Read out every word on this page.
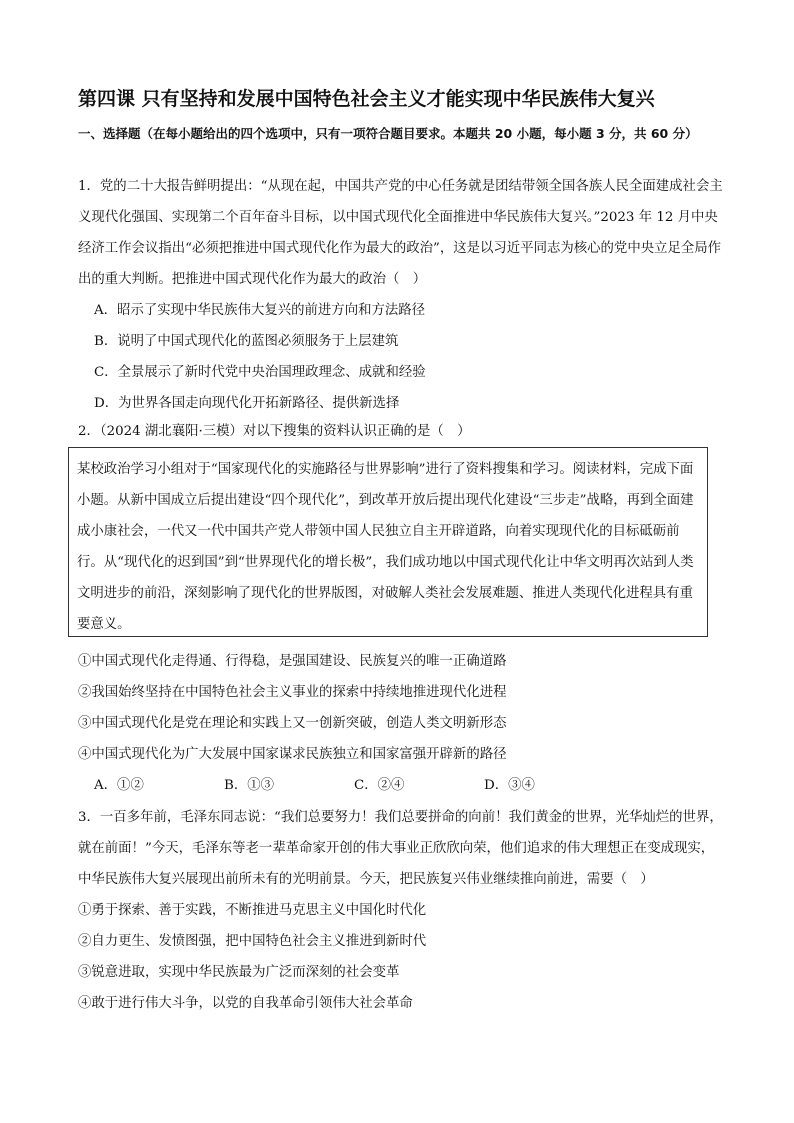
第四课 只有坚持和发展中国特色社会主义才能实现中华民族伟大复兴
一、选择题（在每小题给出的四个选项中，只有一项符合题目要求。本题共 20 小题，每小题 3 分，共 60 分）

1．党的二十大报告鲜明提出：“从现在起，中国共产党的中心任务就是团结带领全国各族人民全面建成社会主义现代化强国、实现第二个百年奋斗目标，以中国式现代化全面推进中华民族伟大复兴。”2023 年 12 月中央经济工作会议指出“必须把推进中国式现代化作为最大的政治”，这是以习近平同志为核心的党中央立足全局作出的重大判断。把推进中国式现代化作为最大的政治（　）

A．昭示了实现中华民族伟大复兴的前进方向和方法路径

B．说明了中国式现代化的蓝图必须服务于上层建筑

C．全景展示了新时代党中央治国理政理念、成就和经验

D．为世界各国走向现代化开拓新路径、提供新选择

2．（2024 湖北襄阳·三模）对以下搜集的资料认识正确的是（　）

某校政治学习小组对于“国家现代化的实施路径与世界影响”进行了资料搜集和学习。阅读材料，完成下面小题。从新中国成立后提出建设“四个现代化”，到改革开放后提出现代化建设“三步走”战略，再到全面建成小康社会，一代又一代中国共产党人带领中国人民独立自主开辟道路，向着实现现代化的目标砥砺前行。从“现代化的迟到国”到“世界现代化的增长极”，我们成功地以中国式现代化让中华文明再次站到人类文明进步的前沿，深刻影响了现代化的世界版图，对破解人类社会发展难题、推进人类现代化进程具有重要意义。

①中国式现代化走得通、行得稳，是强国建设、民族复兴的唯一正确道路

②我国始终坚持在中国特色社会主义事业的探索中持续地推进现代化进程

③中国式现代化是党在理论和实践上又一创新突破，创造人类文明新形态

④中国式现代化为广大发展中国家谋求民族独立和国家富强开辟新的路径

A．①②	B．①③	C．②④	D．③④

3．一百多年前，毛泽东同志说：“我们总要努力！我们总要拼命的向前！我们黄金的世界，光华灿烂的世界，就在前面！”今天，毛泽东等老一辈革命家开创的伟大事业正欣欣向荣，他们追求的伟大理想正在变成现实，中华民族伟大复兴展现出前所未有的光明前景。今天，把民族复兴伟业继续推向前进，需要（　）

①勇于探索、善于实践，不断推进马克思主义中国化时代化

②自力更生、发愤图强，把中国特色社会主义推进到新时代

③锐意进取，实现中华民族最为广泛而深刻的社会变革

④敢于进行伟大斗争，以党的自我革命引领伟大社会革命
